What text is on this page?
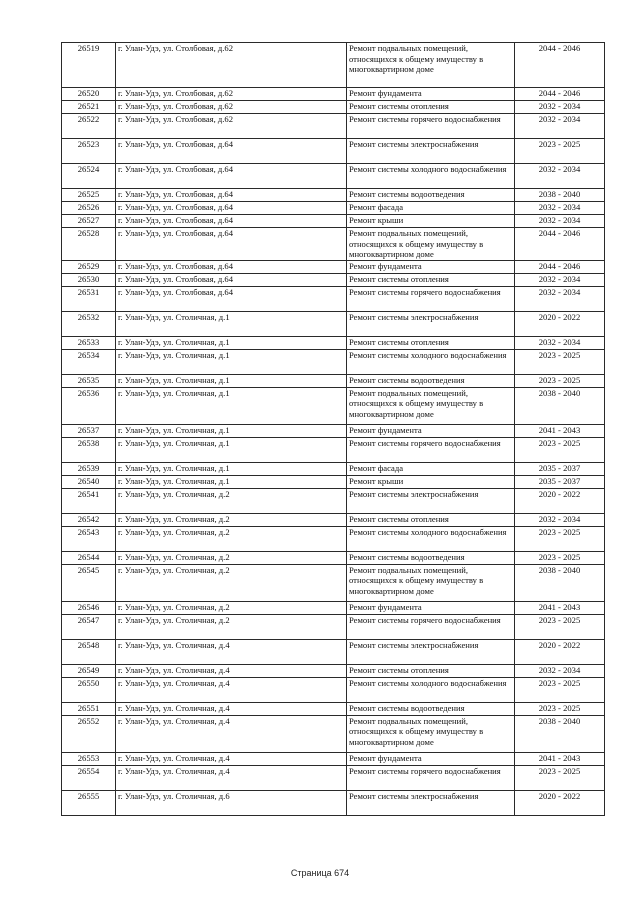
26519	г. Улан-Удэ, ул. Столбовая, д.62	Ремонт подвальных помещений, относящихся к общему имуществу в многоквартирном доме	2044 - 2046
26520	г. Улан-Удэ, ул. Столбовая, д.62	Ремонт фундамента	2044 - 2046
26521	г. Улан-Удэ, ул. Столбовая, д.62	Ремонт системы отопления	2032 - 2034
26522	г. Улан-Удэ, ул. Столбовая, д.62	Ремонт системы горячего водоснабжения	2032 - 2034
26523	г. Улан-Удэ, ул. Столбовая, д.64	Ремонт системы электроснабжения	2023 - 2025
26524	г. Улан-Удэ, ул. Столбовая, д.64	Ремонт системы холодного водоснабжения	2032 - 2034
26525	г. Улан-Удэ, ул. Столбовая, д.64	Ремонт системы водоотведения	2038 - 2040
26526	г. Улан-Удэ, ул. Столбовая, д.64	Ремонт фасада	2032 - 2034
26527	г. Улан-Удэ, ул. Столбовая, д.64	Ремонт крыши	2032 - 2034
26528	г. Улан-Удэ, ул. Столбовая, д.64	Ремонт подвальных помещений, относящихся к общему имуществу в многоквартирном доме	2044 - 2046
26529	г. Улан-Удэ, ул. Столбовая, д.64	Ремонт фундамента	2044 - 2046
26530	г. Улан-Удэ, ул. Столбовая, д.64	Ремонт системы отопления	2032 - 2034
26531	г. Улан-Удэ, ул. Столбовая, д.64	Ремонт системы горячего водоснабжения	2032 - 2034
26532	г. Улан-Удэ, ул. Столичная, д.1	Ремонт системы электроснабжения	2020 - 2022
26533	г. Улан-Удэ, ул. Столичная, д.1	Ремонт системы отопления	2032 - 2034
26534	г. Улан-Удэ, ул. Столичная, д.1	Ремонт системы холодного водоснабжения	2023 - 2025
26535	г. Улан-Удэ, ул. Столичная, д.1	Ремонт системы водоотведения	2023 - 2025
26536	г. Улан-Удэ, ул. Столичная, д.1	Ремонт подвальных помещений, относящихся к общему имуществу в многоквартирном доме	2038 - 2040
26537	г. Улан-Удэ, ул. Столичная, д.1	Ремонт фундамента	2041 - 2043
26538	г. Улан-Удэ, ул. Столичная, д.1	Ремонт системы горячего водоснабжения	2023 - 2025
26539	г. Улан-Удэ, ул. Столичная, д.1	Ремонт фасада	2035 - 2037
26540	г. Улан-Удэ, ул. Столичная, д.1	Ремонт крыши	2035 - 2037
26541	г. Улан-Удэ, ул. Столичная, д.2	Ремонт системы электроснабжения	2020 - 2022
26542	г. Улан-Удэ, ул. Столичная, д.2	Ремонт системы отопления	2032 - 2034
26543	г. Улан-Удэ, ул. Столичная, д.2	Ремонт системы холодного водоснабжения	2023 - 2025
26544	г. Улан-Удэ, ул. Столичная, д.2	Ремонт системы водоотведения	2023 - 2025
26545	г. Улан-Удэ, ул. Столичная, д.2	Ремонт подвальных помещений, относящихся к общему имуществу в многоквартирном доме	2038 - 2040
26546	г. Улан-Удэ, ул. Столичная, д.2	Ремонт фундамента	2041 - 2043
26547	г. Улан-Удэ, ул. Столичная, д.2	Ремонт системы горячего водоснабжения	2023 - 2025
26548	г. Улан-Удэ, ул. Столичная, д.4	Ремонт системы электроснабжения	2020 - 2022
26549	г. Улан-Удэ, ул. Столичная, д.4	Ремонт системы отопления	2032 - 2034
26550	г. Улан-Удэ, ул. Столичная, д.4	Ремонт системы холодного водоснабжения	2023 - 2025
26551	г. Улан-Удэ, ул. Столичная, д.4	Ремонт системы водоотведения	2023 - 2025
26552	г. Улан-Удэ, ул. Столичная, д.4	Ремонт подвальных помещений, относящихся к общему имуществу в многоквартирном доме	2038 - 2040
26553	г. Улан-Удэ, ул. Столичная, д.4	Ремонт фундамента	2041 - 2043
26554	г. Улан-Удэ, ул. Столичная, д.4	Ремонт системы горячего водоснабжения	2023 - 2025
26555	г. Улан-Удэ, ул. Столичная, д.6	Ремонт системы электроснабжения	2020 - 2022
Страница 674
